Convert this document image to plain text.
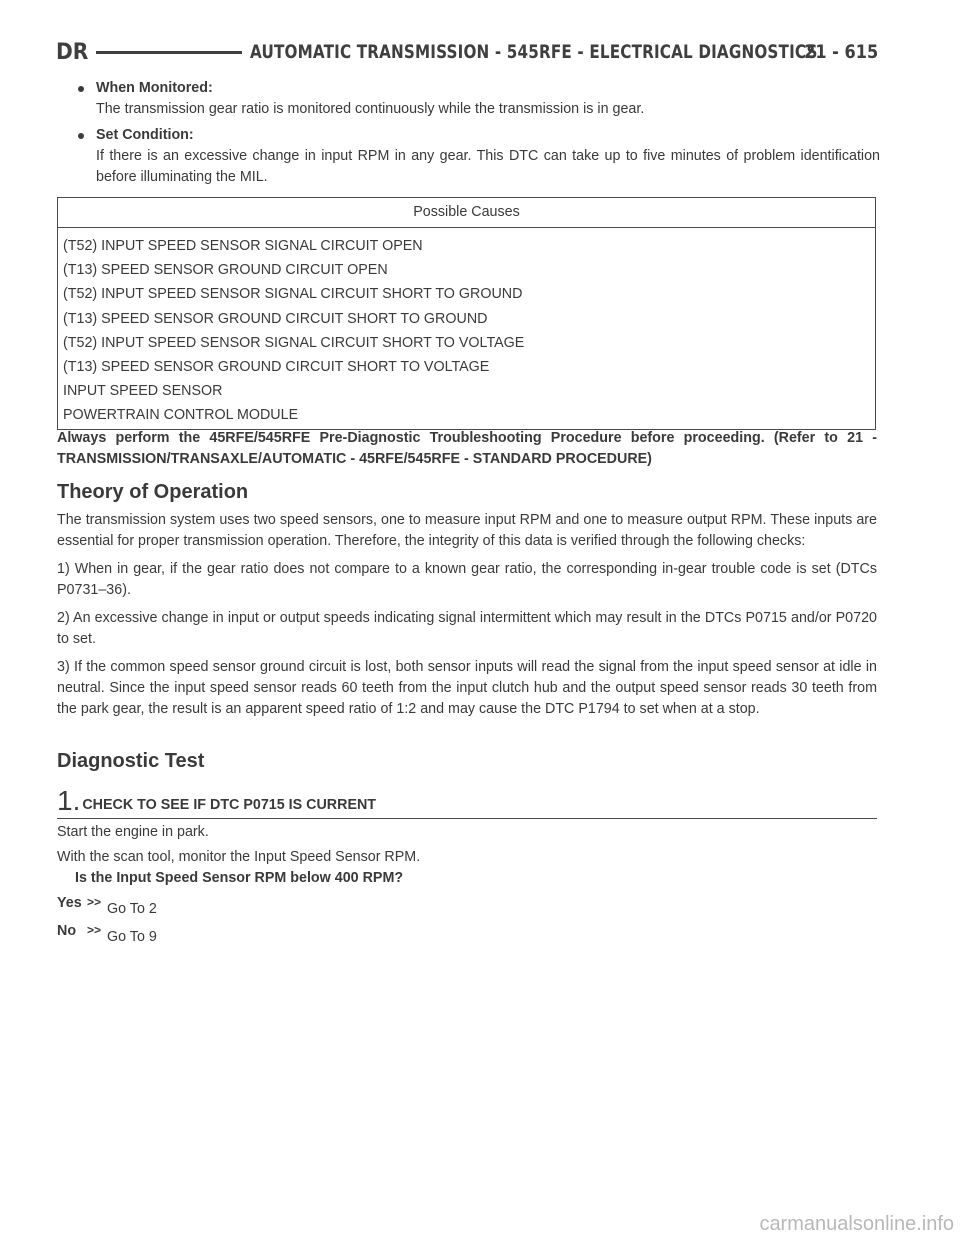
DR	AUTOMATIC TRANSMISSION - 545RFE - ELECTRICAL DIAGNOSTICS
21 - 615
When Monitored:
The transmission gear ratio is monitored continuously while the transmission is in gear.
Set Condition:
If there is an excessive change in input RPM in any gear. This DTC can take up to five minutes of problem identification before illuminating the MIL.
Possible Causes
(T52) INPUT SPEED SENSOR SIGNAL CIRCUIT OPEN
(T13) SPEED SENSOR GROUND CIRCUIT OPEN
(T52) INPUT SPEED SENSOR SIGNAL CIRCUIT SHORT TO GROUND
(T13) SPEED SENSOR GROUND CIRCUIT SHORT TO GROUND
(T52) INPUT SPEED SENSOR SIGNAL CIRCUIT SHORT TO VOLTAGE
(T13) SPEED SENSOR GROUND CIRCUIT SHORT TO VOLTAGE
INPUT SPEED SENSOR
POWERTRAIN CONTROL MODULE
Always perform the 45RFE/545RFE Pre-Diagnostic Troubleshooting Procedure before proceeding. (Refer to 21 - TRANSMISSION/TRANSAXLE/AUTOMATIC - 45RFE/545RFE - STANDARD PROCEDURE)
Theory of Operation

The transmission system uses two speed sensors, one to measure input RPM and one to measure output RPM. These inputs are essential for proper transmission operation. Therefore, the integrity of this data is verified through the following checks:

1) When in gear, if the gear ratio does not compare to a known gear ratio, the corresponding in-gear trouble code is set (DTCs P0731–36).

2) An excessive change in input or output speeds indicating signal intermittent which may result in the DTCs P0715 and/or P0720 to set.

3) If the common speed sensor ground circuit is lost, both sensor inputs will read the signal from the input speed sensor at idle in neutral. Since the input speed sensor reads 60 teeth from the input clutch hub and the output speed sensor reads 30 teeth from the park gear, the result is an apparent speed ratio of 1:2 and may cause the DTC P1794 to set when at a stop.

Diagnostic Test
1. CHECK TO SEE IF DTC P0715 IS CURRENT

Start the engine in park.

With the scan tool, monitor the Input Speed Sensor RPM.

Is the Input Speed Sensor RPM below 400 RPM?
Yes >> Go To 2
No >> Go To 9
carmanualsonline.info
